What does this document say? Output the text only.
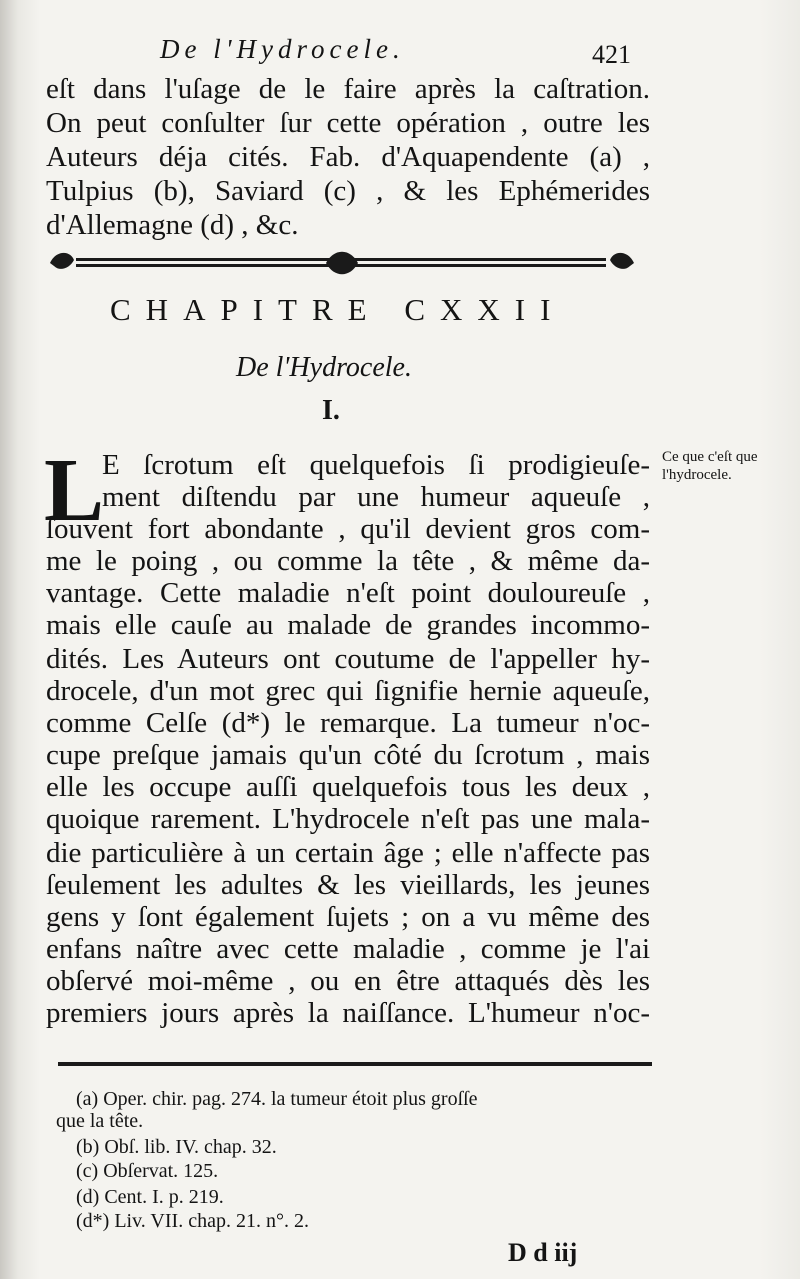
De l'Hydrocele.	421
eſt dans l'uſage de le faire après la caſtration.
On peut conſulter ſur cette opération , outre les
Auteurs déja cités. Fab. d'Aquapendente (a) ,
Tulpius (b), Saviard (c) , & les Ephémerides
d'Allemagne (d) , &c.
CHAPITRE CXXII
De l'Hydrocele.
I.
L	Ce que c'eſt que l'hydrocele.
E ſcrotum eſt quelquefois ſi prodigieuſe-
ment diſtendu par une humeur aqueuſe ,
ſouvent fort abondante , qu'il devient gros com-
me le poing , ou comme la tête , & même da-
vantage. Cette maladie n'eſt point douloureuſe ,
mais elle cauſe au malade de grandes incommo-
dités. Les Auteurs ont coutume de l'appeller hy-
drocele, d'un mot grec qui ſignifie hernie aqueuſe,
comme Celſe (d*) le remarque. La tumeur n'oc-
cupe preſque jamais qu'un côté du ſcrotum , mais
elle les occupe auſſi quelquefois tous les deux ,
quoique rarement. L'hydrocele n'eſt pas une mala-
die particulière à un certain âge ; elle n'affecte pas
ſeulement les adultes & les vieillards, les jeunes
gens y ſont également ſujets ; on a vu même des
enfans naître avec cette maladie , comme je l'ai
obſervé moi-même , ou en être attaqués dès les
premiers jours après la naiſſance. L'humeur n'oc-
(a) Oper. chir. pag. 274. la tumeur étoit plus groſſe
que la tête.
(b) Obſ. lib. IV. chap. 32.
(c) Obſervat. 125.
(d) Cent. I. p. 219.
(d*) Liv. VII. chap. 21. n°. 2.
D d iij
